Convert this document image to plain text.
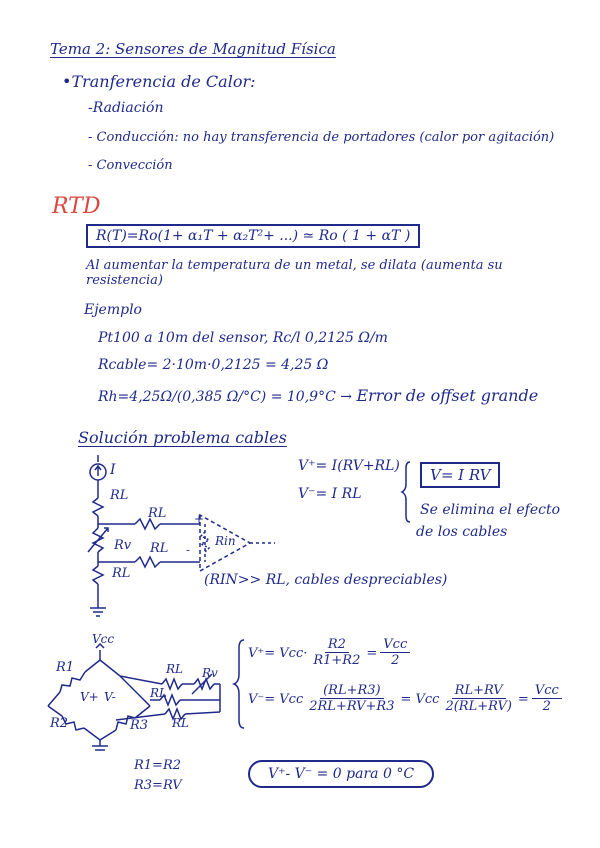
Tema 2: Sensores de Magnitud Física
•Tranferencia de Calor:
-Radiación
- Conducción: no hay transferencia de portadores (calor por agitación)
- Convección
RTD
R(T)=Ro(1+ α₁T + α₂T²+ ...) ≃ Ro ( 1 + αT )
Al aumentar la temperatura de un metal, se dilata (aumenta su
resistencia)
Ejemplo
Pt100 a 10m del sensor, Rc/l 0,2125 Ω/m
Rcable= 2·10m·0,2125 = 4,25 Ω
Rh=4,25Ω/(0,385 Ω/°C) = 10,9°C → Error de offset grande
Solución problema cables
I
RL
RL
Rv RL
RL
+
-
Rin
V⁺= I(RV+RL)
V⁻= I RL
V= I RV
Se elimina el efecto
de los cables
(RIN>> RL, cables despreciables)
Vcc
R1
R2	R3
RL Rv
RL
RL
V+ V-
$V^+= Vcc\cdot \frac{R2}{R1+R2} = \frac{\text{Vcc}}{2}$
V⁻= Vcc $\frac{(RL+R3)}{2RL+RV+R3}$ = Vcc $\frac{RL+RV}{2(RL+RV)} = \frac{\text{Vcc}}{2}$
R1=R2
R3=RV
V⁺- V⁻ = 0 para 0 °C
